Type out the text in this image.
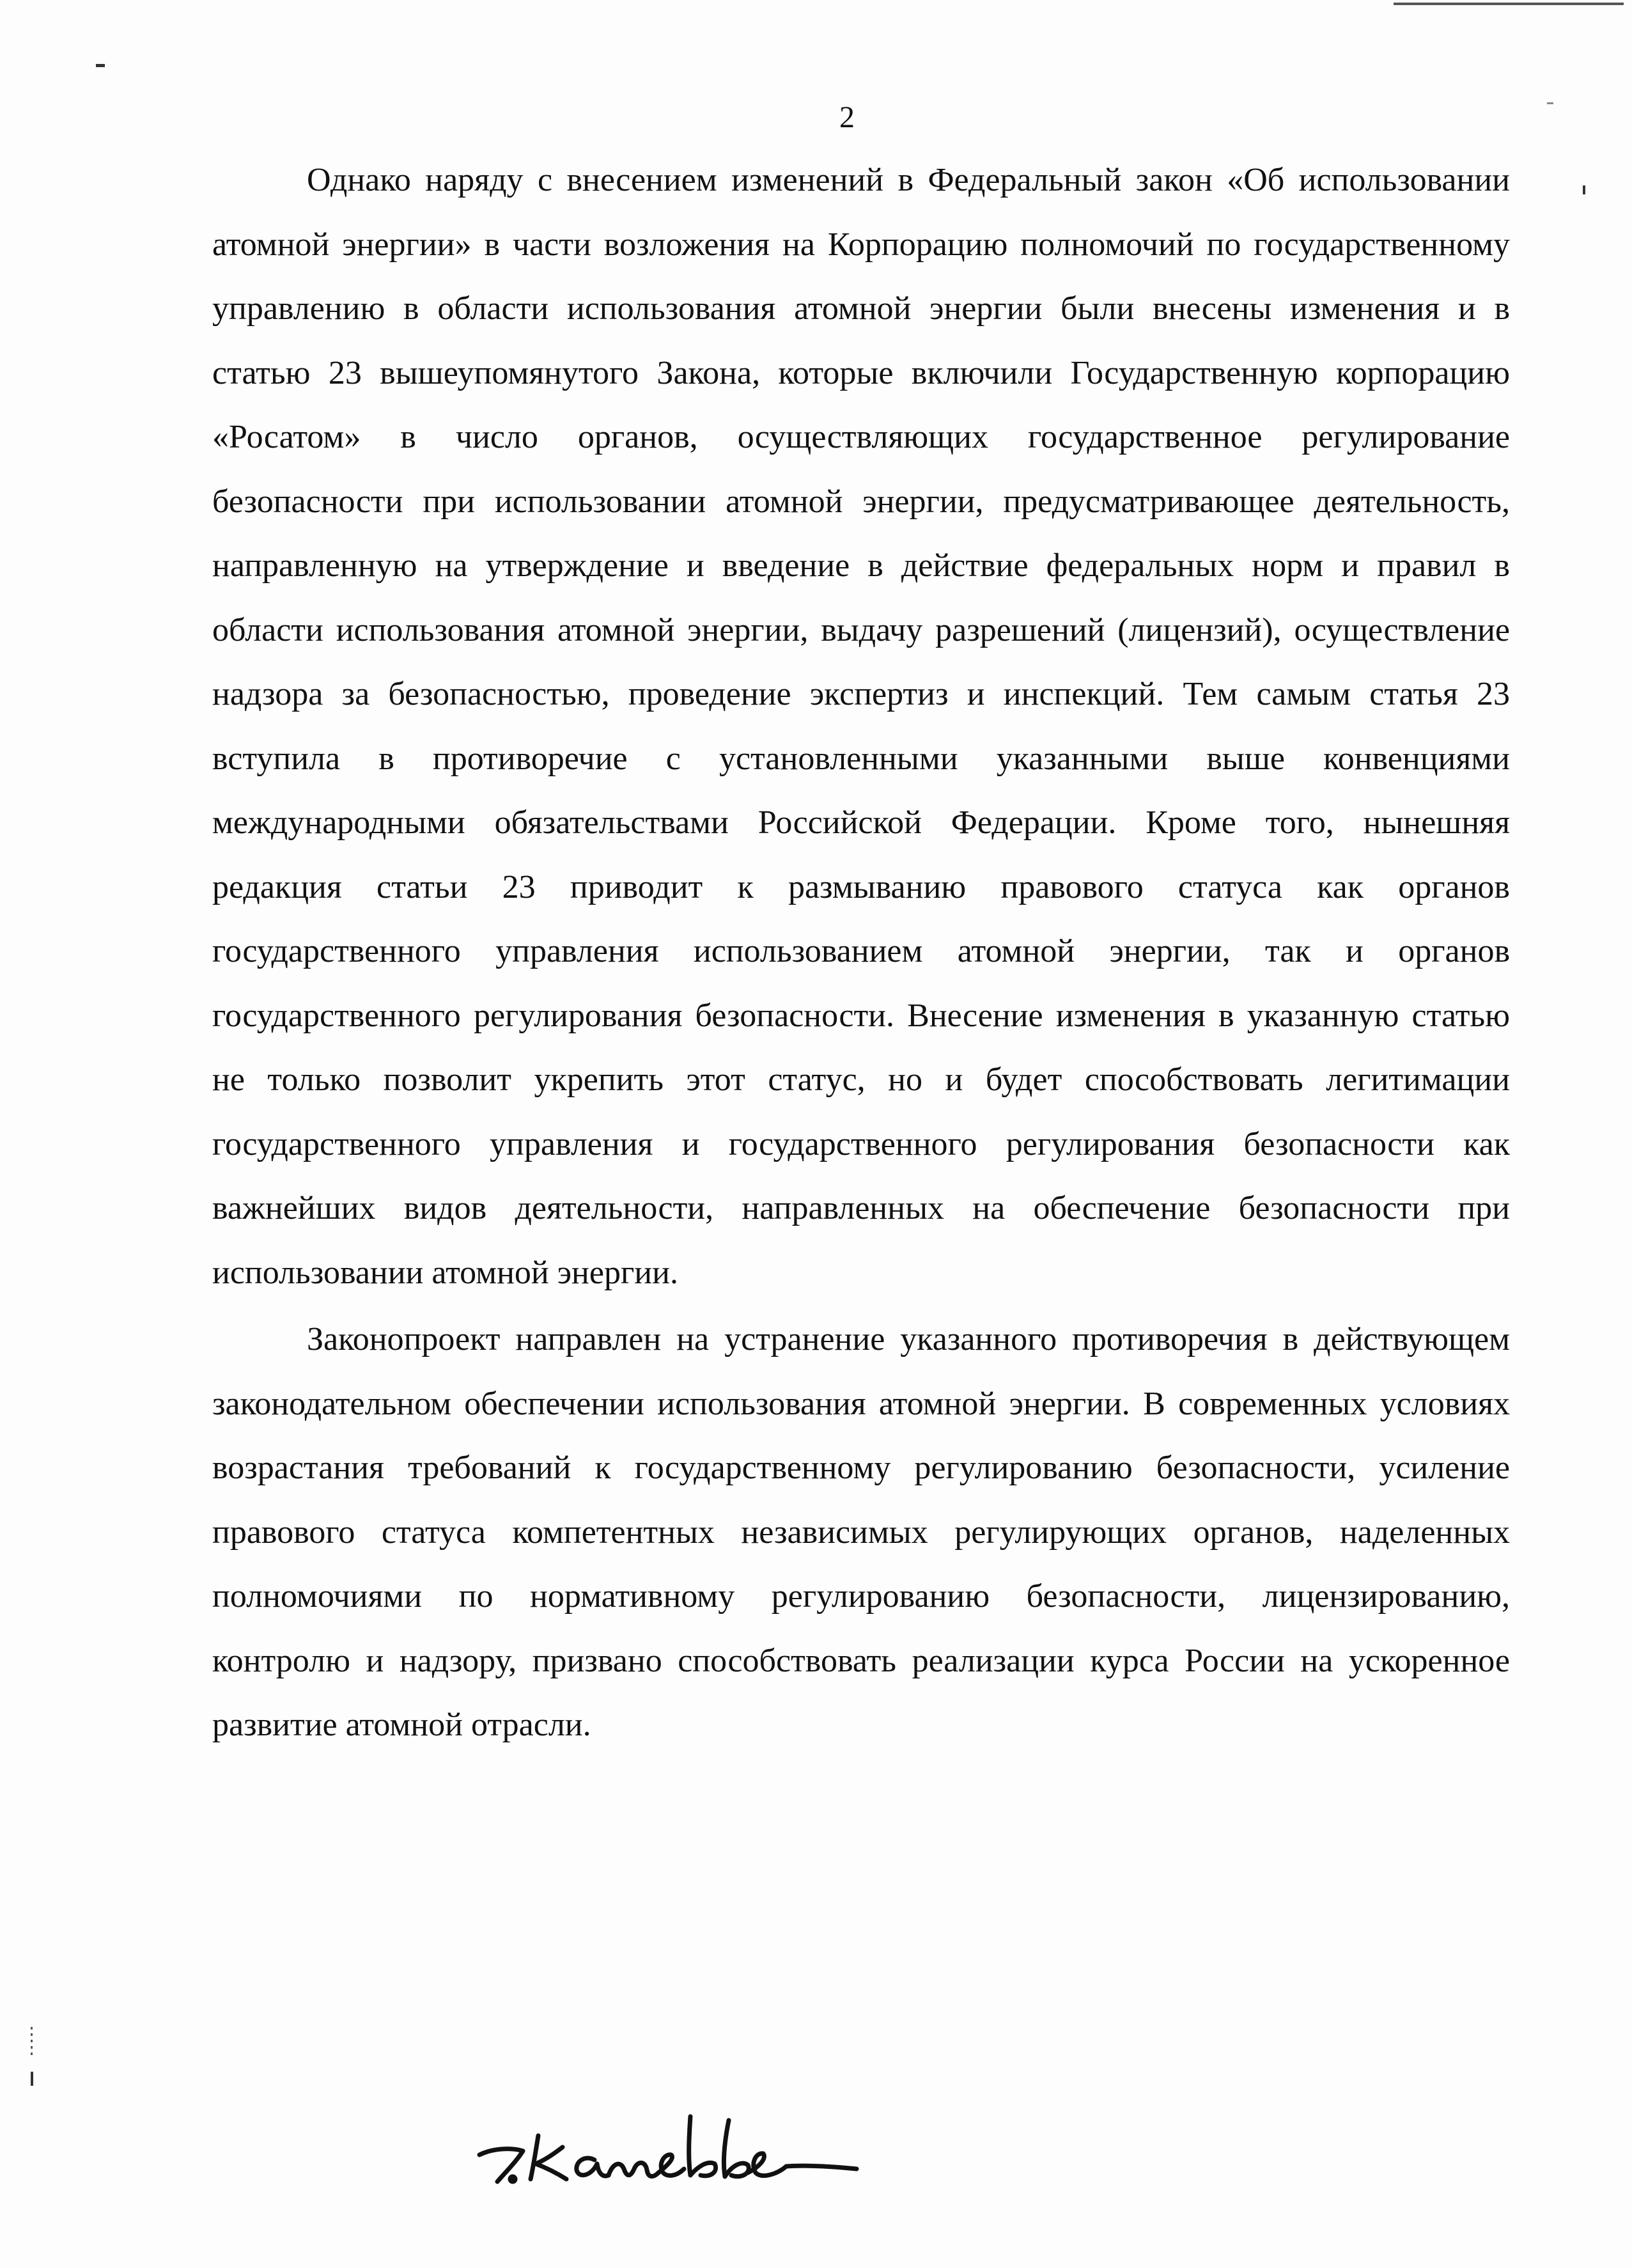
2

Однако наряду с внесением изменений в Федеральный закон «Об использовании атомной энергии» в части возложения на Корпорацию полномочий по государственному управлению в области использования атомной энергии были внесены изменения и в статью 23 вышеупомянутого Закона, которые включили Государственную корпорацию «Росатом» в число органов, осуществляющих государственное регулирование безопасности при использовании атомной энергии, предусматривающее деятельность, направленную на утверждение и введение в действие федеральных норм и правил в области использования атомной энергии, выдачу разрешений (лицензий), осуществление надзора за безопасностью, проведение экспертиз и инспекций. Тем самым статья 23 вступила в противоречие с установленными указанными выше конвенциями международными обязательствами Российской Федерации. Кроме того, нынешняя редакция статьи 23 приводит к размыванию правового статуса как органов государственного управления использованием атомной энергии, так и органов государственного регулирования безопасности. Внесение изменения в указанную статью не только позволит укрепить этот статус, но и будет способствовать легитимации государственного управления и государственного регулирования безопасности как важнейших видов деятельности, направленных на обеспечение безопасности при использовании атомной энергии.

Законопроект направлен на устранение указанного противоречия в действующем законодательном обеспечении использования атомной энергии. В современных условиях возрастания требований к государственному регулированию безопасности, усиление правового статуса компетентных независимых регулирующих органов, наделенных полномочиями по нормативному регулированию безопасности, лицензированию, контролю и надзору, призвано способствовать реализации курса России на ускоренное развитие атомной отрасли.
